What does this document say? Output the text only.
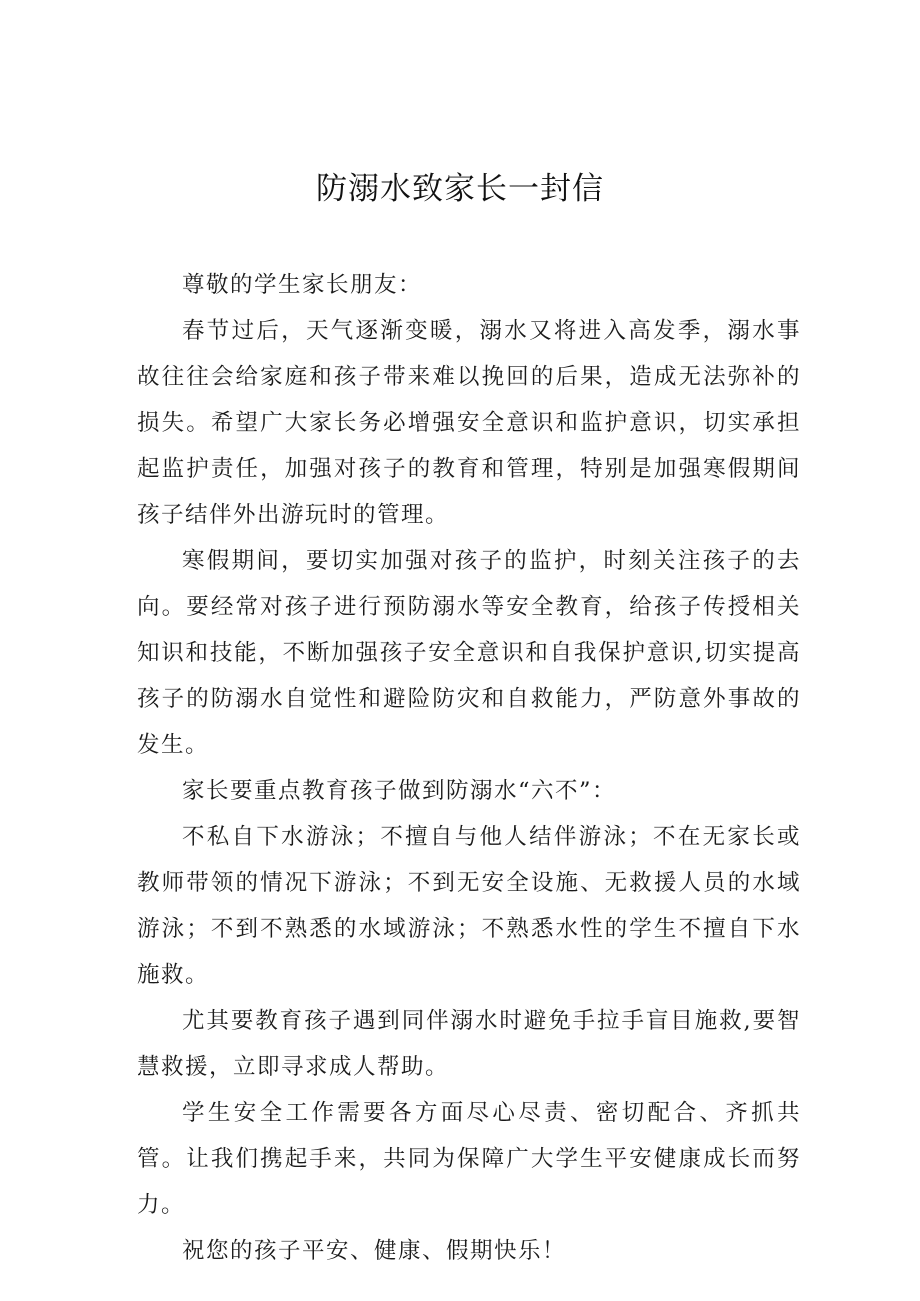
防溺水致家长一封信

尊敬的学生家长朋友：

春节过后，天气逐渐变暖，溺水又将进入高发季，溺水事故往往会给家庭和孩子带来难以挽回的后果，造成无法弥补的损失。希望广大家长务必增强安全意识和监护意识，切实承担起监护责任，加强对孩子的教育和管理，特别是加强寒假期间孩子结伴外出游玩时的管理。

寒假期间，要切实加强对孩子的监护，时刻关注孩子的去向。要经常对孩子进行预防溺水等安全教育，给孩子传授相关知识和技能，不断加强孩子安全意识和自我保护意识,切实提高孩子的防溺水自觉性和避险防灾和自救能力，严防意外事故的发生。

家长要重点教育孩子做到防溺水“六不”：

不私自下水游泳；不擅自与他人结伴游泳；不在无家长或教师带领的情况下游泳；不到无安全设施、无救援人员的水域游泳；不到不熟悉的水域游泳；不熟悉水性的学生不擅自下水施救。

尤其要教育孩子遇到同伴溺水时避免手拉手盲目施救,要智慧救援，立即寻求成人帮助。

学生安全工作需要各方面尽心尽责、密切配合、齐抓共管。让我们携起手来，共同为保障广大学生平安健康成长而努力。

祝您的孩子平安、健康、假期快乐！
